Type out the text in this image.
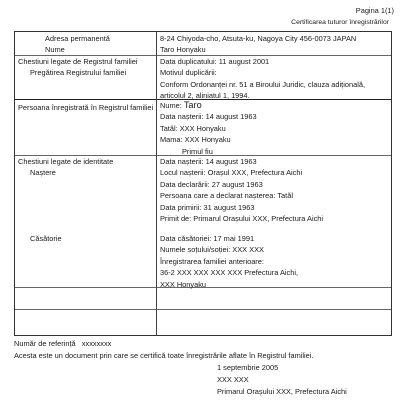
Pagina 1(1)
Certificarea tuturor înregistrărilor
Adresa permanentă
Nume
8-24 Chiyoda-cho, Atsuta-ku, Nagoya City 456-0073 JAPAN
Taro Honyaku
Chestiuni legate de Registrul familiei
Pregătirea Registrului familiei
Data duplicatului: 11 august 2001
Motivul duplicării:
Conform Ordonanței nr. 51 a Biroului Juridic, clauza adițională, articolul 2, aliniatul 1, 1994.
Persoana înregistrată în Registrul familiei Nume: Taro
Data nașterii: 14 august 1963
Tatăl: XXX Honyaku
Mama: XXX Honyaku
Primul fiu
Chestiuni legate de identitate
Naștere
Data nașterii: 14 august 1963
Locul nașterii: Orașul XXX, Prefectura Aichi
Data declarării: 27 august 1963
Persoana care a declarat nașterea: Tatăl
Data primirii: 31 august 1963
Primit de: Primarul Orașului XXX, Prefectura Aichi
Căsătorie	Data căsătoriei: 17 mai 1991
Numele soțului/soției: XXX XXX
Înregistrarea familiei anterioare:
36-2 XXX XXX XXX XXX Prefectura Aichi,
XXX Honyaku
Număr de referință xxxxxxxx
Acesta este un document prin care se certifică toate înregistrările aflate în Registrul familiei.
1 septembrie 2005
XXX XXX
Primarul Orașului XXX, Prefectura Aichi
